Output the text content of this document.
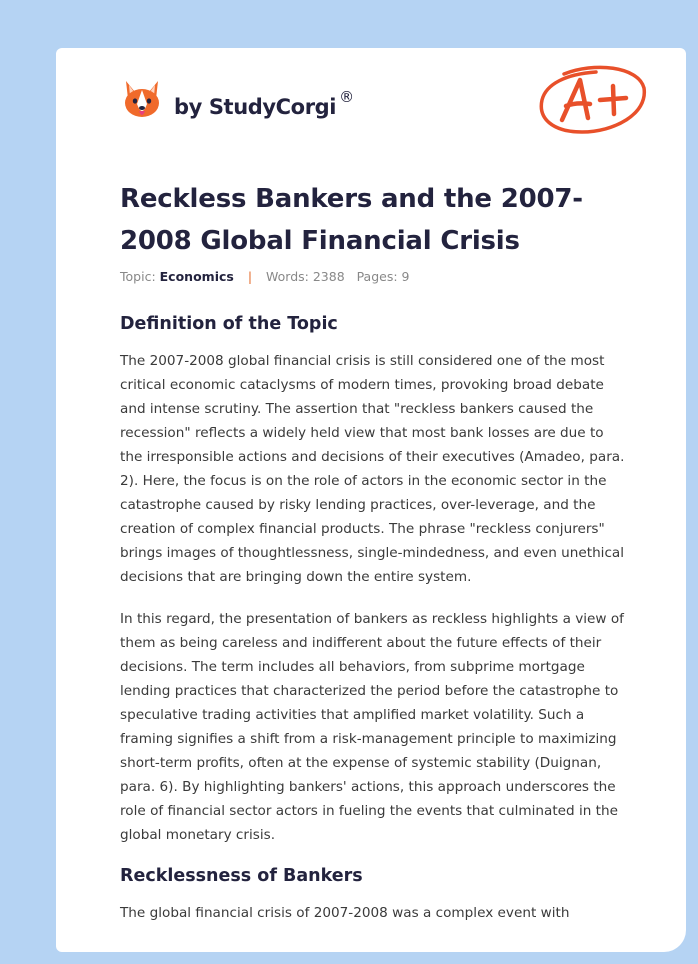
by StudyCorgi ®
Reckless Bankers and the 2007-
2008 Global Financial Crisis
Topic: Economics | Words: 2388 Pages: 9
Definition of the Topic

The 2007-2008 global financial crisis is still considered one of the most
critical economic cataclysms of modern times, provoking broad debate
and intense scrutiny. The assertion that "reckless bankers caused the
recession" reflects a widely held view that most bank losses are due to
the irresponsible actions and decisions of their executives (Amadeo, para.
2). Here, the focus is on the role of actors in the economic sector in the
catastrophe caused by risky lending practices, over-leverage, and the
creation of complex financial products. The phrase "reckless conjurers"
brings images of thoughtlessness, single-mindedness, and even unethical
decisions that are bringing down the entire system.

In this regard, the presentation of bankers as reckless highlights a view of
them as being careless and indifferent about the future effects of their
decisions. The term includes all behaviors, from subprime mortgage
lending practices that characterized the period before the catastrophe to
speculative trading activities that amplified market volatility. Such a
framing signifies a shift from a risk-management principle to maximizing
short-term profits, often at the expense of systemic stability (Duignan,
para. 6). By highlighting bankers' actions, this approach underscores the
role of financial sector actors in fueling the events that culminated in the
global monetary crisis.

Recklessness of Bankers

The global financial crisis of 2007-2008 was a complex event with
